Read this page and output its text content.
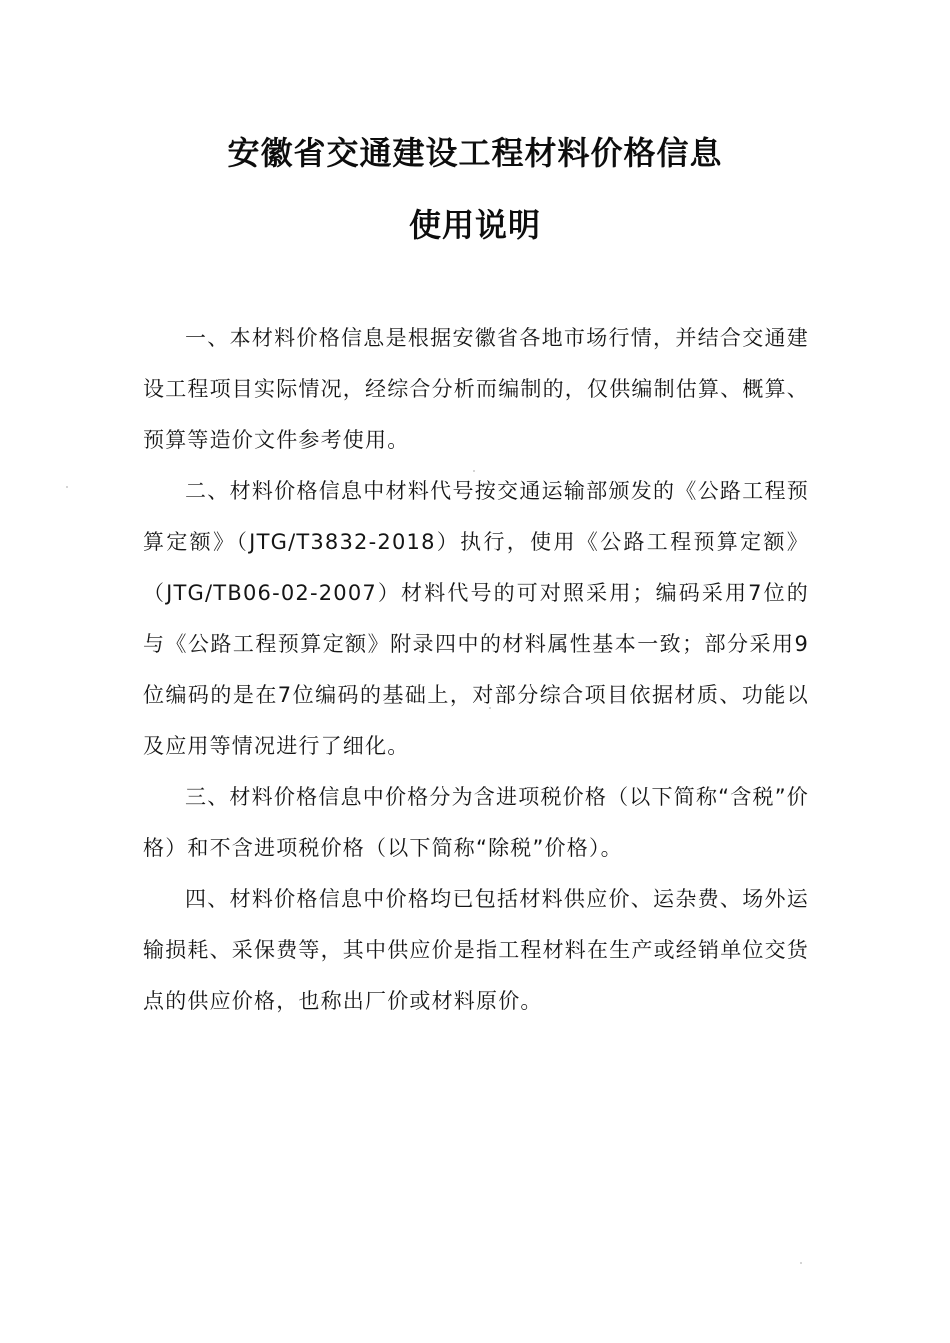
安徽省交通建设工程材料价格信息
使用说明

一、本材料价格信息是根据安徽省各地市场行情，并结合交通建设工程项目实际情况，经综合分析而编制的，仅供编制估算、概算、预算等造价文件参考使用。

二、材料价格信息中材料代号按交通运输部颁发的《公路工程预算定额》（JTG/T3832-2018）执行，使用《公路工程预算定额》（JTG/TB06-02-2007）材料代号的可对照采用；编码采用7位的与《公路工程预算定额》附录四中的材料属性基本一致；部分采用9位编码的是在7位编码的基础上，对部分综合项目依据材质、功能以及应用等情况进行了细化。

三、材料价格信息中价格分为含进项税价格（以下简称“含税”价格）和不含进项税价格（以下简称“除税”价格）。

四、材料价格信息中价格均已包括材料供应价、运杂费、场外运输损耗、采保费等，其中供应价是指工程材料在生产或经销单位交货点的供应价格，也称出厂价或材料原价。
